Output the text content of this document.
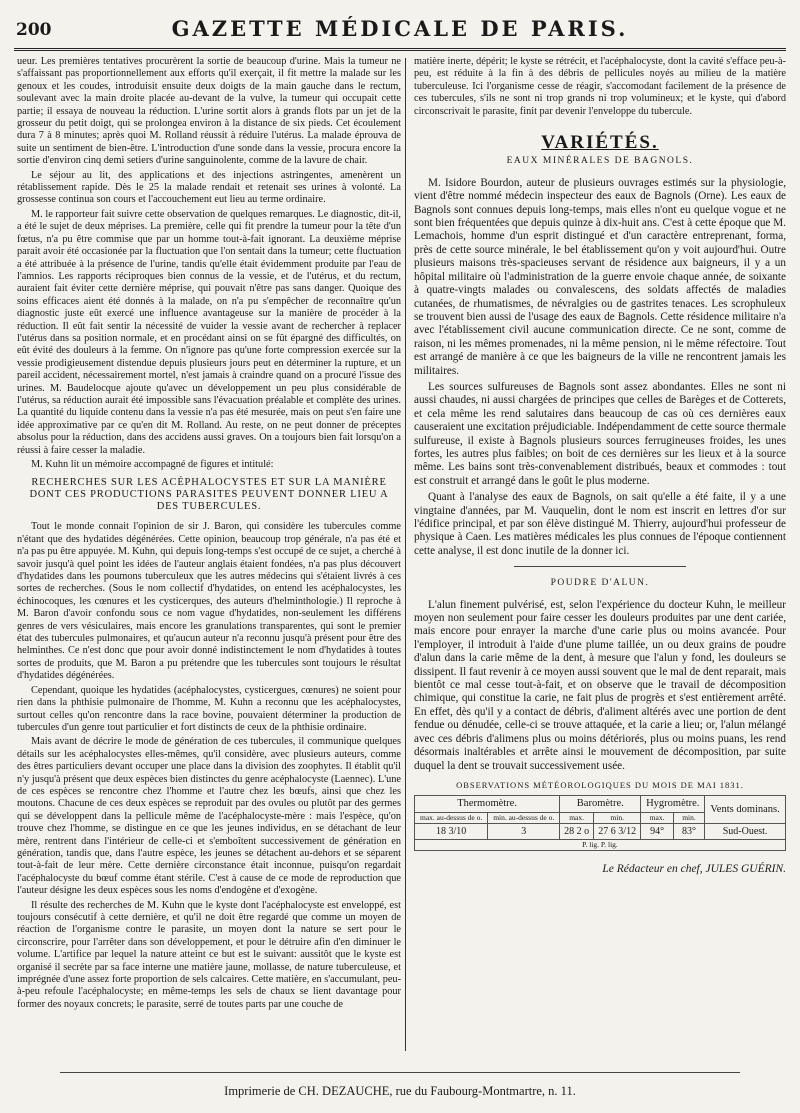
200	GAZETTE MÉDICALE DE PARIS.

ueur. Les premières tentatives procurèrent la sortie de beaucoup d'urine. Mais la tumeur ne s'affaissant pas proportionnellement aux efforts qu'il exerçait, il fit mettre la malade sur les genoux et les coudes, introduisit ensuite deux doigts de la main gauche dans le rectum, soulevant avec la main droite placée au-devant de la vulve, la tumeur qui occupait cette partie; il essaya de nouveau la réduction. L'urine sortit alors à grands flots par un jet de la grosseur du petit doigt, qui se prolongea environ à la distance de six pieds. Cet écoulement dura 7 à 8 minutes; après quoi M. Rolland réussit à réduire l'utérus. La malade éprouva de suite un sentiment de bien-être. L'introduction d'une sonde dans la vessie, procura encore la sortie d'environ cinq demi setiers d'urine sanguinolente, comme de la lavure de chair.

Le séjour au lit, des applications et des injections astringentes, amenèrent un rétablissement rapide. Dès le 25 la malade rendait et retenait ses urines à volonté. La grossesse continua son cours et l'accouchement eut lieu au terme ordinaire.

M. le rapporteur fait suivre cette observation de quelques remarques. Le diagnostic, dit-il, a été le sujet de deux méprises. La première, celle qui fit prendre la tumeur pour la tête d'un fœtus, n'a pu être commise que par un homme tout-à-fait ignorant. La deuxième méprise parait avoir été occasionée par la fluctuation que l'on sentait dans la tumeur; cette fluctuation a été attribuée à la présence de l'urine, tandis qu'elle était évidemment produite par l'eau de l'amnios. Les rapports réciproques bien connus de la vessie, et de l'utérus, et du rectum, auraient fait éviter cette dernière méprise, qui pouvait n'être pas sans danger. Quoique des soins efficaces aient été donnés à la malade, on n'a pu s'empêcher de reconnaître qu'un diagnostic juste eût exercé une influence avantageuse sur la manière de procéder à la réduction. Il eût fait sentir la nécessité de vuider la vessie avant de rechercher à replacer l'utérus dans sa position normale, et en procédant ainsi on se fût épargné des difficultés, on eût évité des douleurs à la femme. On n'ignore pas qu'une forte compression exercée sur la vessie prodigieusement distendue depuis plusieurs jours peut en déterminer la rupture, et un pareil accident, nécessairement mortel, n'est jamais à craindre quand on a procuré l'issue des urines. M. Baudelocque ajoute qu'avec un développement un peu plus considérable de l'utérus, sa réduction aurait été impossible sans l'évacuation préalable et complète des urines. La quantité du liquide contenu dans la vessie n'a pas été mesurée, mais on peut s'en faire une idée approximative par ce qu'en dit M. Rolland. Au reste, on ne peut donner de préceptes absolus pour la réduction, dans des accidens aussi graves. On a toujours bien fait lorsqu'on a réussi à faire cesser la maladie.

M. Kuhn lit un mémoire accompagné de figures et intitulé:

RECHERCHES SUR LES ACÉPHALOCYSTES ET SUR LA MANIÈRE DONT CES PRODUCTIONS PARASITES PEUVENT DONNER LIEU A DES TUBERCULES.

Tout le monde connait l'opinion de sir J. Baron, qui considère les tubercules comme n'étant que des hydatides dégénérées. Cette opinion, beaucoup trop générale, n'a pas été et n'a pas pu être appuyée. M. Kuhn, qui depuis long-temps s'est occupé de ce sujet, a cherché à savoir jusqu'à quel point les idées de l'auteur anglais étaient fondées, n'a pas plus découvert d'hydatides dans les poumons tuberculeux que les autres médecins qui s'étaient livrés à ces sortes de recherches. (Sous le nom collectif d'hydatides, on entend les acéphalocystes, les échinocoques, les cœnures et les cysticerques, des auteurs d'helminthologie.) Il reproche à M. Baron d'avoir confondu sous ce nom vague d'hydatides, non-seulement les différens genres de vers vésiculaires, mais encore les granulations transparentes, qui sont le premier état des tubercules pulmonaires, et qu'aucun auteur n'a reconnu jusqu'à présent pour être des helminthes. Ce n'est donc que pour avoir donné indistinctement le nom d'hydatides à toutes sortes de produits, que M. Baron a pu prétendre que les tubercules sont toujours le résultat d'hydatides dégénérées.

Cependant, quoique les hydatides (acéphalocystes, cysticergues, cœnures) ne soient pour rien dans la phthisie pulmonaire de l'homme, M. Kuhn a reconnu que les acéphalocystes, surtout celles qu'on rencontre dans la race bovine, pouvaient déterminer la production de tubercules d'un genre tout particulier et fort distincts de ceux de la phthisie ordinaire.

Mais avant de décrire le mode de génération de ces tubercules, il communique quelques détails sur les acéphalocystes elles-mêmes, qu'il considère, avec plusieurs auteurs, comme des êtres particuliers devant occuper une place dans la division des zoophytes. Il établit qu'il n'y jusqu'à présent que deux espèces bien distinctes du genre acéphalocyste (Laennec). L'une de ces espèces se rencontre chez l'homme et l'autre chez les bœufs, ainsi que chez les moutons. Chacune de ces deux espèces se reproduit par des ovules ou plutôt par des germes qui se développent dans la pellicule même de l'acéphalocyste-mère : mais l'espèce, qu'on trouve chez l'homme, se distingue en ce que les jeunes individus, en se détachant de leur mère, rentrent dans l'intérieur de celle-ci et s'emboîtent successivement de génération en génération, tandis que, dans l'autre espèce, les jeunes se détachent au-dehors et se séparent tout-à-fait de leur mère. Cette dernière circonstance était inconnue, puisqu'on regardait l'acéphalocyste du bœuf comme étant stérile. C'est à cause de ce mode de reproduction que l'auteur désigne les deux espèces sous les noms d'endogène et d'exogène.

Il résulte des recherches de M. Kuhn que le kyste dont l'acéphalocyste est enveloppé, est toujours consécutif à cette dernière, et qu'il ne doit être regardé que comme un moyen de réaction de l'organisme contre le parasite, un moyen dont la nature se sert pour le circonscrire, pour l'arrêter dans son développement, et pour le détruire afin d'en diminuer le volume. L'artifice par lequel la nature atteint ce but est le suivant: aussitôt que le kyste est organisé il secrète par sa face interne une matière jaune, mollasse, de nature tuberculeuse, et imprégnée d'une assez forte proportion de sels calcaires. Cette matière, en s'accumulant, peu-à-peu refoule l'acéphalocyste; en même-temps les sels de chaux se lient davantage pour former des noyaux concrets; le parasite, serré de toutes parts par une couche de

matière inerte, dépérit; le kyste se rétrécit, et l'acéphalocyste, dont la cavité s'efface peu-à-peu, est réduite à la fin à des débris de pellicules noyés au milieu de la matière tuberculeuse. Ici l'organisme cesse de réagir, s'accomodant facilement de la présence de ces tubercules, s'ils ne sont ni trop grands ni trop volumineux; et le kyste, qui d'abord circonscrivait le parasite, finit par devenir l'enveloppe du tubercule.

VARIÉTÉS.
EAUX MINÉRALES DE BAGNOLS.

M. Isidore Bourdon, auteur de plusieurs ouvrages estimés sur la physiologie, vient d'être nommé médecin inspecteur des eaux de Bagnols (Orne). Les eaux de Bagnols sont connues depuis long-temps, mais elles n'ont eu quelque vogue et ne sont bien fréquentées que depuis quinze à dix-huit ans. C'est à cette époque que M. Lemachois, homme d'un esprit distingué et d'un caractère entreprenant, forma, près de cette source minérale, le bel établissement qu'on y voit aujourd'hui. Outre plusieurs maisons très-spacieuses servant de résidence aux baigneurs, il y a un hôpital militaire où l'administration de la guerre envoie chaque année, de soixante à quatre-vingts malades ou convalescens, des soldats affectés de maladies cutanées, de rhumatismes, de névralgies ou de gastrites tenaces. Les scrophuleux se trouvent bien aussi de l'usage des eaux de Bagnols. Cette résidence militaire n'a avec l'établissement civil aucune communication directe. Ce ne sont, comme de raison, ni les mêmes promenades, ni la même pension, ni le même réfectoire. Tout est arrangé de manière à ce que les baigneurs de la ville ne rencontrent jamais les militaires.

Les sources sulfureuses de Bagnols sont assez abondantes. Elles ne sont ni aussi chaudes, ni aussi chargées de principes que celles de Barèges et de Cotterets, et cela même les rend salutaires dans beaucoup de cas où ces dernières eaux causeraient une excitation préjudiciable. Indépendamment de cette source thermale sulfureuse, il existe à Bagnols plusieurs sources ferrugineuses froides, les unes fortes, les autres plus faibles; on boit de ces dernières sur les lieux et à la source même. Les bains sont très-convenablement distribués, beaux et commodes : tout est construit et arrangé dans le goût le plus moderne.

Quant à l'analyse des eaux de Bagnols, on sait qu'elle a été faite, il y a une vingtaine d'années, par M. Vauquelin, dont le nom est inscrit en lettres d'or sur l'édifice principal, et par son élève distingué M. Thierry, aujourd'hui professeur de physique à Caen. Les matières médicales les plus connues de l'époque contiennent cette analyse, il est donc inutile de la donner ici.

POUDRE D'ALUN.

L'alun finement pulvérisé, est, selon l'expérience du docteur Kuhn, le meilleur moyen non seulement pour faire cesser les douleurs produites par une dent cariée, mais encore pour enrayer la marche d'une carie plus ou moins avancée. Pour l'employer, il introduit à l'aide d'une plume taillée, un ou deux grains de poudre d'alun dans la carie même de la dent, à mesure que l'alun y fond, les douleurs se dissipent. Il faut revenir à ce moyen aussi souvent que le mal de dent reparait, mais bientôt ce mal cesse tout-à-fait, et on observe que le travail de décomposition chimique, qui constitue la carie, ne fait plus de progrès et s'est entièrement arrêté. En effet, dès qu'il y a contact de débris, d'aliment altérés avec une portion de dent fendue ou dénudée, celle-ci se trouve attaquée, et la carie a lieu; or, l'alun mélangé avec ces débris d'alimens plus ou moins détériorés, plus ou moins puans, les rend désormais inaltérables et arrête ainsi le mouvement de décomposition, par suite duquel la dent se trouvait successivement usée.

OBSERVATIONS MÉTÉOROLOGIQUES DU MOIS DE MAI 1831.
Thermomètre.		Baromètre.		Hygromètre.		Vents dominans.
max. au-dessus de o.	min. au-dessus de o.	max.	min.	max.	min.	
18 3/10	3	28 2 o	27 6 3/12	94°	83°	Sud-Ouest.
P. lig. P. lig.						
Le Rédacteur en chef, JULES GUÉRIN.
Imprimerie de CH. DEZAUCHE, rue du Faubourg-Montmartre, n. 11.
